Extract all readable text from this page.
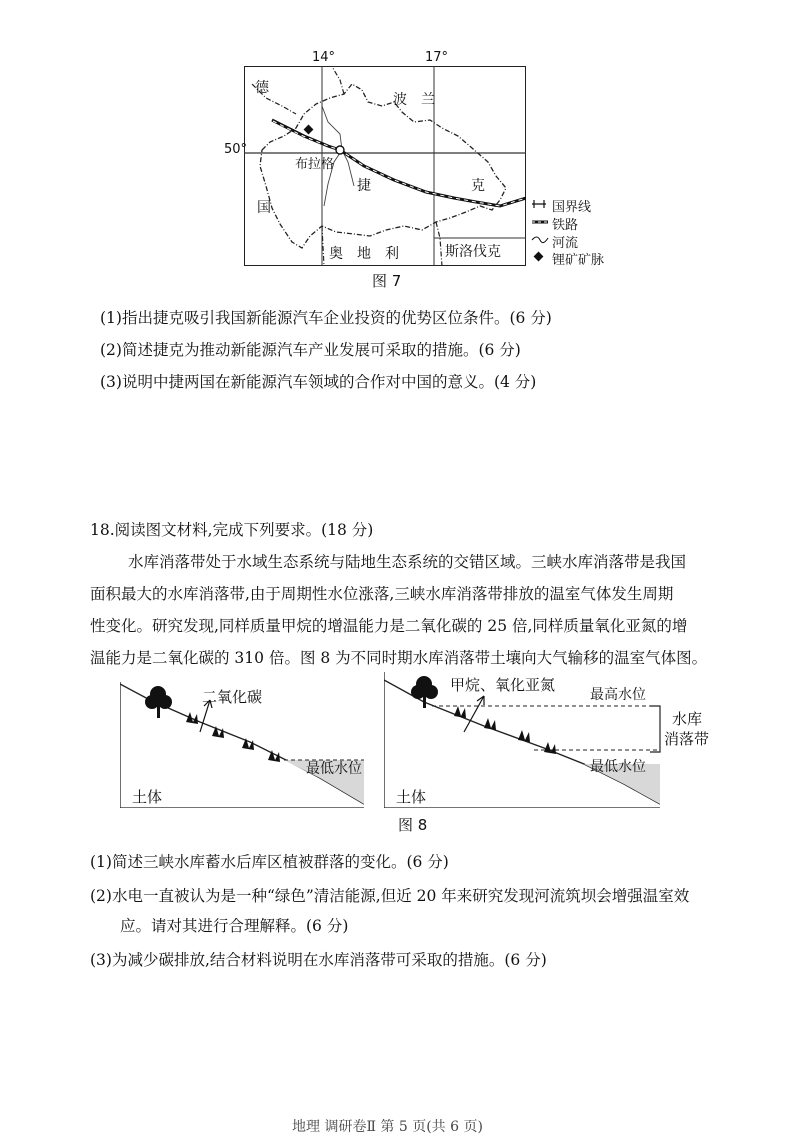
德
国
波　兰
捷	克
奥　地　利	斯洛伐克
布拉格
14°	17°
50°
国界线
铁路
河流
锂矿矿脉
图 7
(1)指出捷克吸引我国新能源汽车企业投资的优势区位条件。(6 分)
(2)简述捷克为推动新能源汽车产业发展可采取的措施。(6 分)
(3)说明中捷两国在新能源汽车领域的合作对中国的意义。(4 分)
18.阅读图文材料,完成下列要求。(18 分)
水库消落带处于水域生态系统与陆地生态系统的交错区域。三峡水库消落带是我国
面积最大的水库消落带,由于周期性水位涨落,三峡水库消落带排放的温室气体发生周期
性变化。研究发现,同样质量甲烷的增温能力是二氧化碳的 25 倍,同样质量氧化亚氮的增
温能力是二氧化碳的 310 倍。图 8 为不同时期水库消落带土壤向大气输移的温室气体图。
二氧化碳
最低水位
土体
甲烷、氧化亚氮
最高水位
最低水位
土体
水库
消落带
图 8
(1)简述三峡水库蓄水后库区植被群落的变化。(6 分)
(2)水电一直被认为是一种“绿色”清洁能源,但近 20 年来研究发现河流筑坝会增强温室效
应。请对其进行合理解释。(6 分)
(3)为减少碳排放,结合材料说明在水库消落带可采取的措施。(6 分)
地理 调研卷Ⅱ 第 5 页(共 6 页)
